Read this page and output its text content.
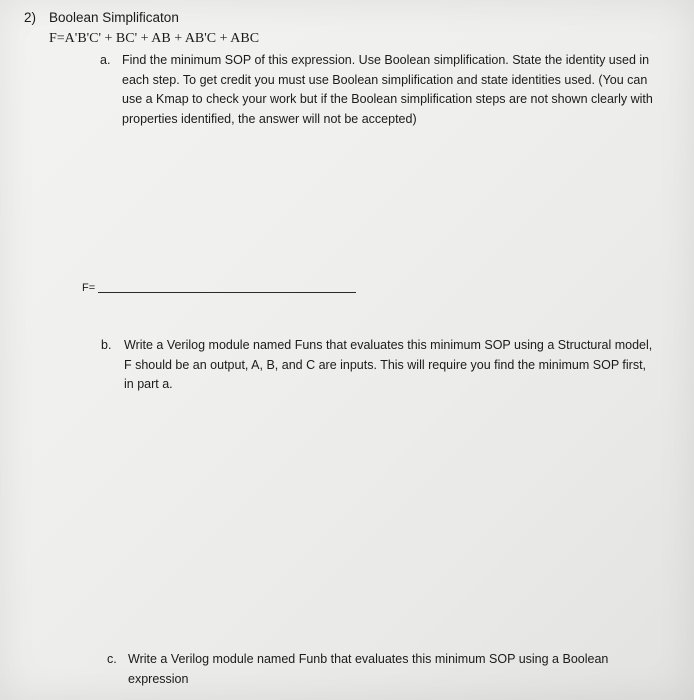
2) Boolean Simplificaton
F=A'B'C' + BC' + AB + AB'C + ABC
a. Find the minimum SOP of this expression. Use Boolean simplification. State the identity used in each step. To get credit you must use Boolean simplification and state identities used. (You can use a Kmap to check your work but if the Boolean simplification steps are not shown clearly with properties identified, the answer will not be accepted)
F=
b. Write a Verilog module named Funs that evaluates this minimum SOP using a Structural model, F should be an output, A, B, and C are inputs. This will require you find the minimum SOP first, in part a.
c. Write a Verilog module named Funb that evaluates this minimum SOP using a Boolean expression
